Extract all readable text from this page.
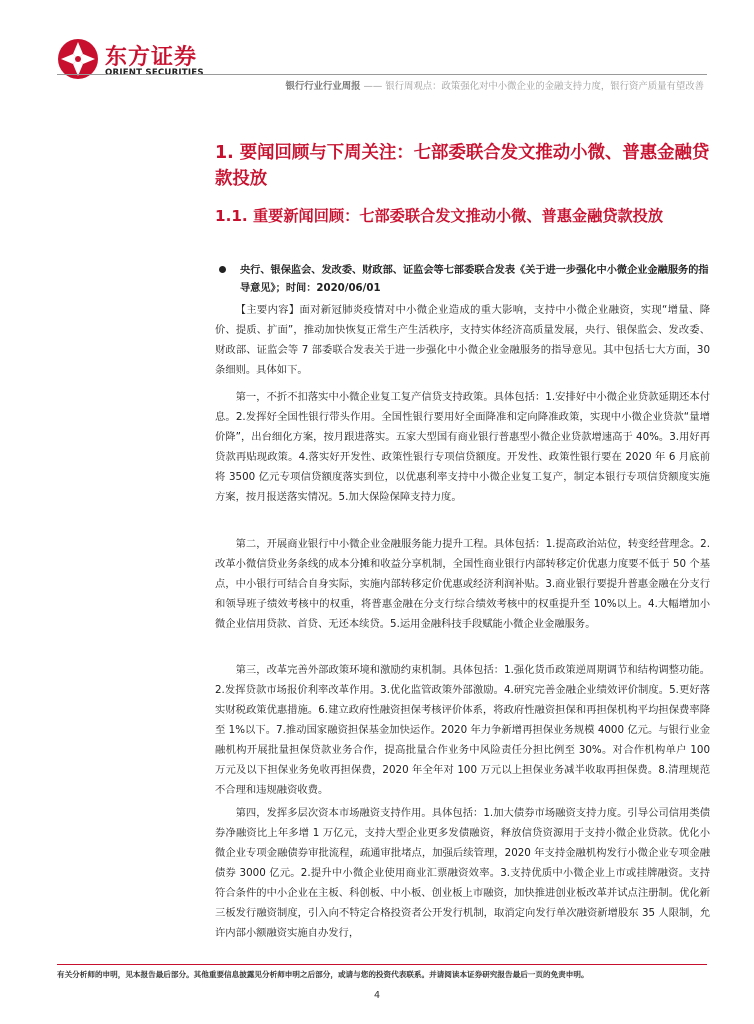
东方证券
ORIENT SECURITIES
银行行业行业周报 —— 银行周观点：政策强化对中小微企业的金融支持力度，银行资产质量有望改善
1. 要闻回顾与下周关注：七部委联合发文推动小微、普惠金融贷款投放
1.1. 重要新闻回顾：七部委联合发文推动小微、普惠金融贷款投放
央行、银保监会、发改委、财政部、证监会等七部委联合发表《关于进一步强化中小微企业金融服务的指导意见》；时间：2020/06/01

【主要内容】面对新冠肺炎疫情对中小微企业造成的重大影响，支持中小微企业融资，实现“增量、降价、提质、扩面”，推动加快恢复正常生产生活秩序，支持实体经济高质量发展，央行、银保监会、发改委、财政部、证监会等 7 部委联合发表关于进一步强化中小微企业金融服务的指导意见。其中包括七大方面，30 条细则。具体如下。

第一，不折不扣落实中小微企业复工复产信贷支持政策。具体包括：1.安排好中小微企业贷款延期还本付息。2.发挥好全国性银行带头作用。全国性银行要用好全面降准和定向降准政策，实现中小微企业贷款“量增价降”，出台细化方案，按月跟进落实。五家大型国有商业银行普惠型小微企业贷款增速高于 40%。3.用好再贷款再贴现政策。4.落实好开发性、政策性银行专项信贷额度。开发性、政策性银行要在 2020 年 6 月底前将 3500 亿元专项信贷额度落实到位，以优惠利率支持中小微企业复工复产，制定本银行专项信贷额度实施方案，按月报送落实情况。5.加大保险保障支持力度。

第二，开展商业银行中小微企业金融服务能力提升工程。具体包括：1.提高政治站位，转变经营理念。2.改革小微信贷业务条线的成本分摊和收益分享机制，全国性商业银行内部转移定价优惠力度要不低于 50 个基点，中小银行可结合自身实际，实施内部转移定价优惠或经济利润补贴。3.商业银行要提升普惠金融在分支行和领导班子绩效考核中的权重，将普惠金融在分支行综合绩效考核中的权重提升至 10%以上。4.大幅增加小微企业信用贷款、首贷、无还本续贷。5.运用金融科技手段赋能小微企业金融服务。

第三，改革完善外部政策环境和激励约束机制。具体包括：1.强化货币政策逆周期调节和结构调整功能。2.发挥贷款市场报价利率改革作用。3.优化监管政策外部激励。4.研究完善金融企业绩效评价制度。5.更好落实财税政策优惠措施。6.建立政府性融资担保考核评价体系，将政府性融资担保和再担保机构平均担保费率降至 1%以下。7.推动国家融资担保基金加快运作。2020 年力争新增再担保业务规模 4000 亿元。与银行业金融机构开展批量担保贷款业务合作，提高批量合作业务中风险责任分担比例至 30%。对合作机构单户 100 万元及以下担保业务免收再担保费，2020 年全年对 100 万元以上担保业务减半收取再担保费。8.清理规范不合理和违规融资收费。

第四，发挥多层次资本市场融资支持作用。具体包括：1.加大债券市场融资支持力度。引导公司信用类债券净融资比上年多增 1 万亿元，支持大型企业更多发债融资，释放信贷资源用于支持小微企业贷款。优化小微企业专项金融债券审批流程，疏通审批堵点，加强后续管理，2020 年支持金融机构发行小微企业专项金融债券 3000 亿元。2.提升中小微企业使用商业汇票融资效率。3.支持优质中小微企业上市或挂牌融资。支持符合条件的中小企业在主板、科创板、中小板、创业板上市融资，加快推进创业板改革并试点注册制。优化新三板发行融资制度，引入向不特定合格投资者公开发行机制，取消定向发行单次融资新增股东 35 人限制，允许内部小额融资实施自办发行，

有关分析师的申明，见本报告最后部分。其他重要信息披露见分析师申明之后部分，或请与您的投资代表联系。并请阅读本证券研究报告最后一页的免责申明。
4
